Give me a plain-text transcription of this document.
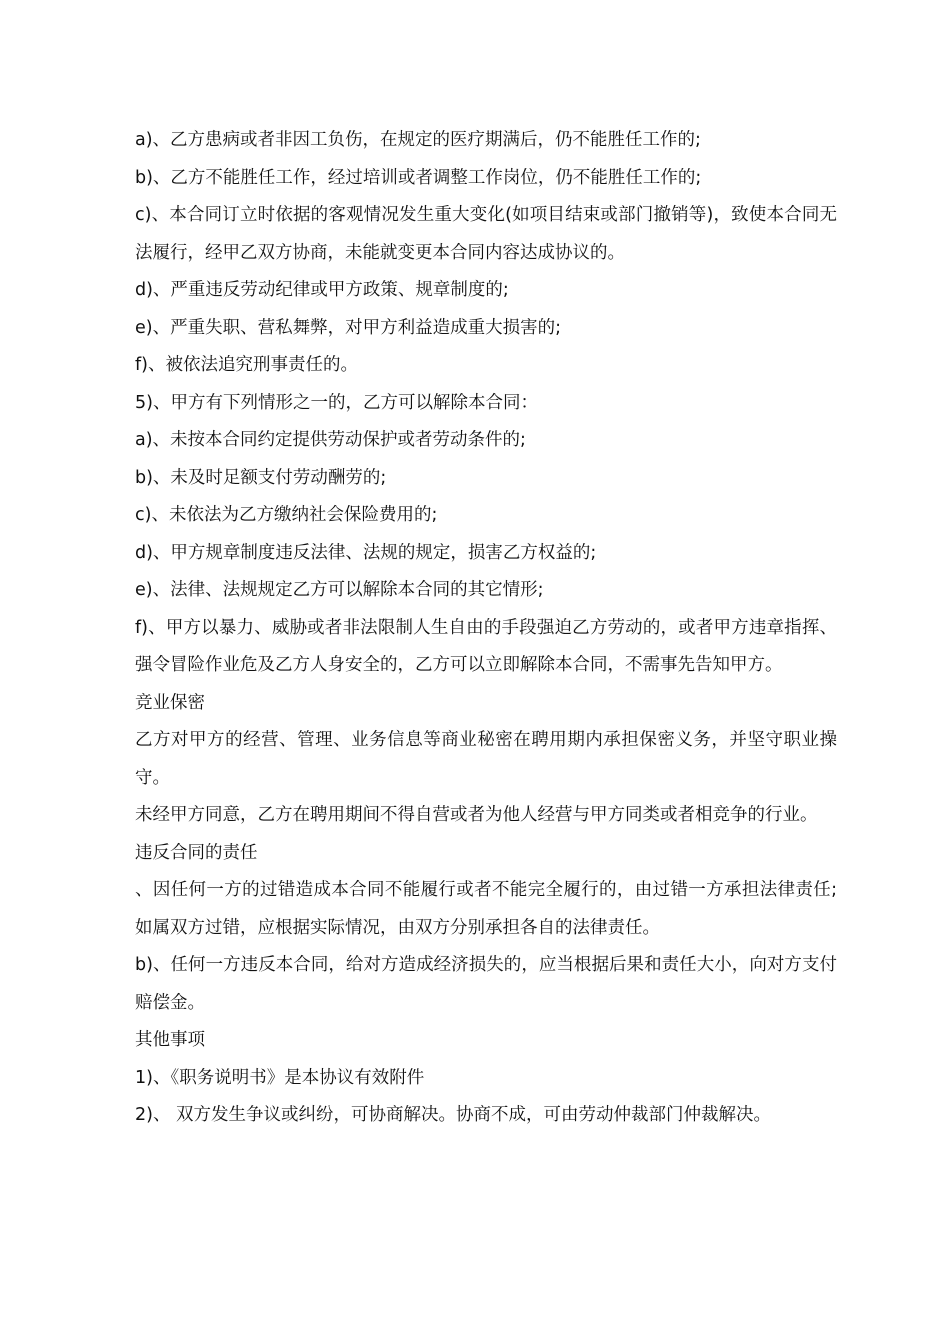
a)、乙方患病或者非因工负伤，在规定的医疗期满后，仍不能胜任工作的;

b)、乙方不能胜任工作，经过培训或者调整工作岗位，仍不能胜任工作的;

c)、本合同订立时依据的客观情况发生重大变化(如项目结束或部门撤销等)，致使本合同无法履行，经甲乙双方协商，未能就变更本合同内容达成协议的。

d)、严重违反劳动纪律或甲方政策、规章制度的;

e)、严重失职、营私舞弊，对甲方利益造成重大损害的;

f)、被依法追究刑事责任的。

5)、甲方有下列情形之一的，乙方可以解除本合同：

a)、未按本合同约定提供劳动保护或者劳动条件的;

b)、未及时足额支付劳动酬劳的;

c)、未依法为乙方缴纳社会保险费用的;

d)、甲方规章制度违反法律、法规的规定，损害乙方权益的;

e)、法律、法规规定乙方可以解除本合同的其它情形;

f)、甲方以暴力、威胁或者非法限制人生自由的手段强迫乙方劳动的，或者甲方违章指挥、强令冒险作业危及乙方人身安全的，乙方可以立即解除本合同，不需事先告知甲方。

竞业保密

乙方对甲方的经营、管理、业务信息等商业秘密在聘用期内承担保密义务，并坚守职业操守。

未经甲方同意，乙方在聘用期间不得自营或者为他人经营与甲方同类或者相竞争的行业。

违反合同的责任

、因任何一方的过错造成本合同不能履行或者不能完全履行的，由过错一方承担法律责任;如属双方过错，应根据实际情况，由双方分别承担各自的法律责任。

b)、任何一方违反本合同，给对方造成经济损失的，应当根据后果和责任大小，向对方支付赔偿金。

其他事项

1)、《职务说明书》是本协议有效附件

2)、 双方发生争议或纠纷，可协商解决。协商不成，可由劳动仲裁部门仲裁解决。
